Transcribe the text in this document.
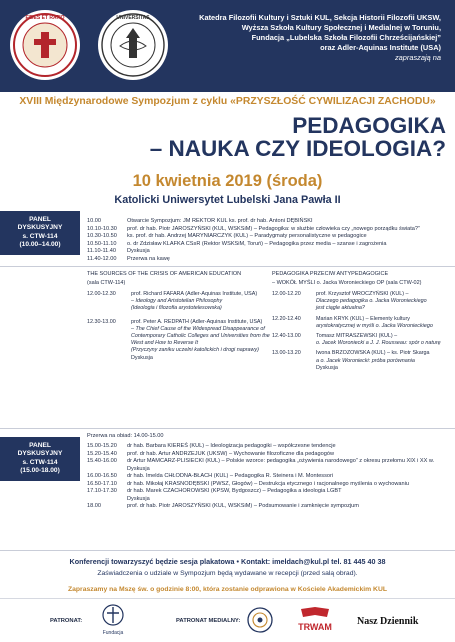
FIDES ET RATIO	UNIVERSITAS	Katedra Filozofii Kultury i Sztuki KUL, Sekcja Historii Filozofii UKSW,
Wyższa Szkoła Kultury Społecznej i Medialnej w Toruniu,
Fundacja „Lubelska Szkoła Filozofii Chrześcijańskiej”
oraz Adler-Aquinas Institute (USA)
zapraszają na
XVIII Międzynarodowe Sympozjum z cyklu «PRZYSZŁOŚĆ CYWILIZACJI ZACHODU»
PEDAGOGIKA
– NAUKA CZY IDEOLOGIA?
10 kwietnia 2019 (środa)
Katolicki Uniwersytet Lubelski Jana Pawła II
PANEL
DYSKUSYJNY
s. CTW-114
(10.00–14.00)
10.00	Otwarcie Sympozjum: JM REKTOR KUL ks. prof. dr hab. Antoni DĘBIŃSKI
10.10-10.30	prof. dr hab. Piotr JAROSZYŃSKI (KUL, WSKSiM) – Pedagogika: w służbie człowieka czy „nowego porządku świata?”
10.30-10.50	ks. prof. dr hab. Andrzej MARYNIARCZYK (KUL) – Paradygmaty personalistyczne w pedagogice
10.50-11.10	o. dr Zdzisław KLAFKA CSsR (Rektor WSKSiM, Toruń) – Pedagogika przez media – szanse i zagrożenia
11.10-11.40	Dyskusja
11.40-12.00	Przerwa na kawę
THE SOURCES OF THE CRISIS OF AMERICAN EDUCATION
(sala CTW-114)
12.00-12.30	prof. Richard FAFARA (Adler-Aquinas Institute, USA)
– Ideology and Aristotelian Philosophy
(Ideologia i filozofia arystotelesowska)
12.30-13.00	prof. Peter A. REDPATH (Adler-Aquinas Institute, USA)
– The Chief Cause of the Widespread Disappearance of
Contemporary Catholic Colleges and Universities from the
West and How to Reverse It
(Przyczyny zaniku uczelni katolickich i drogi naprawy)
Dyskusja
PEDAGOGIKA PRZECIW ANTYPEDAGOGICE
– WOKÓŁ MYŚLI o. Jacka Woronieckiego OP (sala CTW-02)
12.00-12.20	prof. Krzysztof WROCZYŃSKI (KUL) –
Dlaczego pedagogika o. Jacka Woronieckiego
jest ciągle aktualna?
12.20-12.40	Marian KRYK (KUL) – Elementy kultury
arystokratycznej w myśli o. Jacka Woronieckiego
12.40-13.00	Tomasz MITRASZEWSKI (KUL) –
o. Jacek Woroniecki a J. J. Rousseau: spór o naturę
13.00-13.20	Iwona BRZOZOWSKA (KUL) – ks. Piotr Skarga
a o. Jacek Woroniecki: próba porównania
Dyskusja
Przerwa na obiad: 14.00-15.00
PANEL
DYSKUSYJNY
s. CTW-114
(15.00-18.00)
15.00-15.20	dr hab. Barbara KIEREŚ (KUL) – Ideologizacja pedagogiki – współczesne tendencje
15.20-15.40	prof. dr hab. Artur ANDRZEJUK (UKSW) – Wychowanie filozoficzne dla pedagogów
15.40-16.00	dr Artur MAMCARZ-PLISIECKI (KUL) – Polskie wzorce: pedagogika „ożywienia narodowego” z okresu przełomu XIX i XX w.
Dyskusja
16.00-16.50	dr hab. Imelda CHŁODNA-BŁACH (KUL) – Pedagogika R. Steinera i M. Montessori
16.50-17.10	dr hab. Mikołaj KRASNODĘBSKI (PWSZ, Głogów) – Destrukcja etycznego i racjonalnego myślenia o wychowaniu
17.10-17.30	dr hab. Marek CZACHOROWSKI (KPSW, Bydgoszcz) – Pedagogika a ideologia LGBT
Dyskusja
18.00	prof. dr hab. Piotr JAROSZYŃSKI (KUL, WSKSiM) – Podsumowanie i zamknięcie sympozjum
Konferencji towarzyszyć będzie sesja plakatowa • Kontakt: imeldach@kul.pl tel. 81 445 40 38
Zaświadczenia o udziale w Sympozjum będą wydawane w recepcji (przed salą obrad).
Zapraszamy na Mszę św. o godzinie 8:00, która zostanie odprawiona w Kościele Akademickim KUL
PATRONAT:
Fundacja
PATRONAT MEDIALNY:
TRWAM	Nasz Dziennik
